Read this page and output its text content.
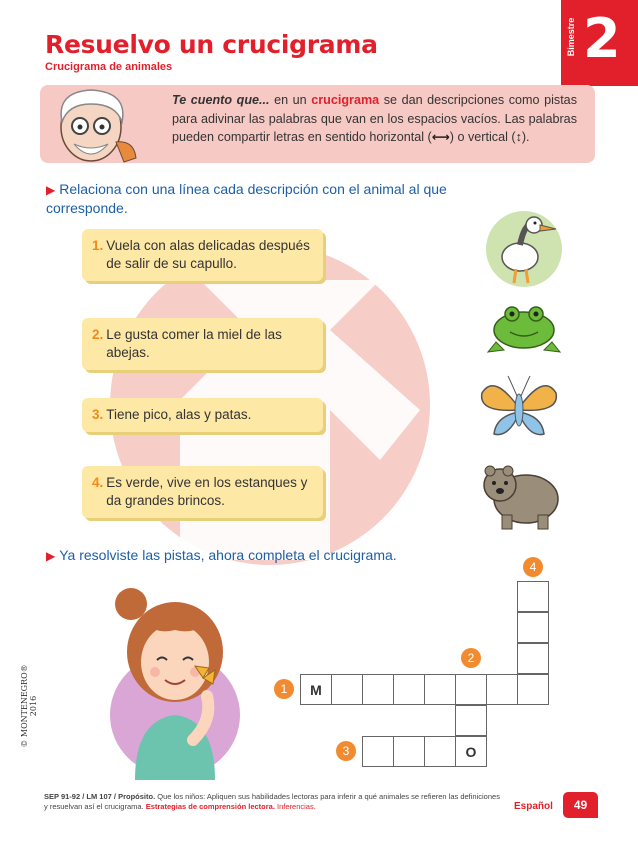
Resuelvo un crucigrama
Crucigrama de animales
Bimestre 2
Te cuento que... en un crucigrama se dan descripciones como pistas para adivinar las palabras que van en los espacios vacíos. Las palabras pueden compartir letras en sentido horizontal (⟷) o vertical (↕).
▶ Relaciona con una línea cada descripción con el animal al que corresponde.
1. Vuela con alas delicadas después de salir de su capullo.
2. Le gusta comer la miel de las abejas.
3. Tiene pico, alas y patas.
4. Es verde, vive en los estanques y da grandes brincos.
▶ Ya resolviste las pistas, ahora completa el crucigrama.
M
O
1
2
3
4
© MONTENEGRO® 2016
SEP 91-92 / LM 107 / Propósito. Que los niños: Apliquen sus habilidades lectoras para inferir a qué animales se refieren las definiciones y resuelvan así el crucigrama. Estrategias de comprensión lectora. Inferencias.	Español	49
